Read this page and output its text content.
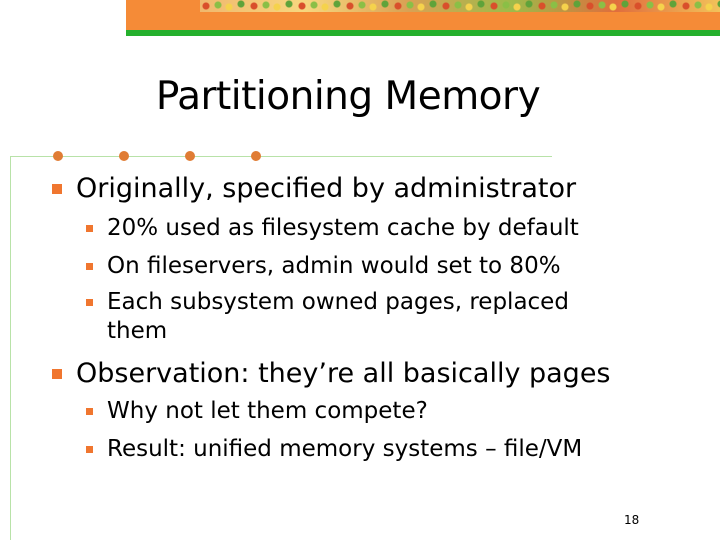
Partitioning Memory
Originally, specified by administrator
20% used as filesystem cache by default
On fileservers, admin would set to 80%
Each subsystem owned pages, replaced them
Observation: they’re all basically pages
Why not let them compete?
Result: unified memory systems – file/VM
18
